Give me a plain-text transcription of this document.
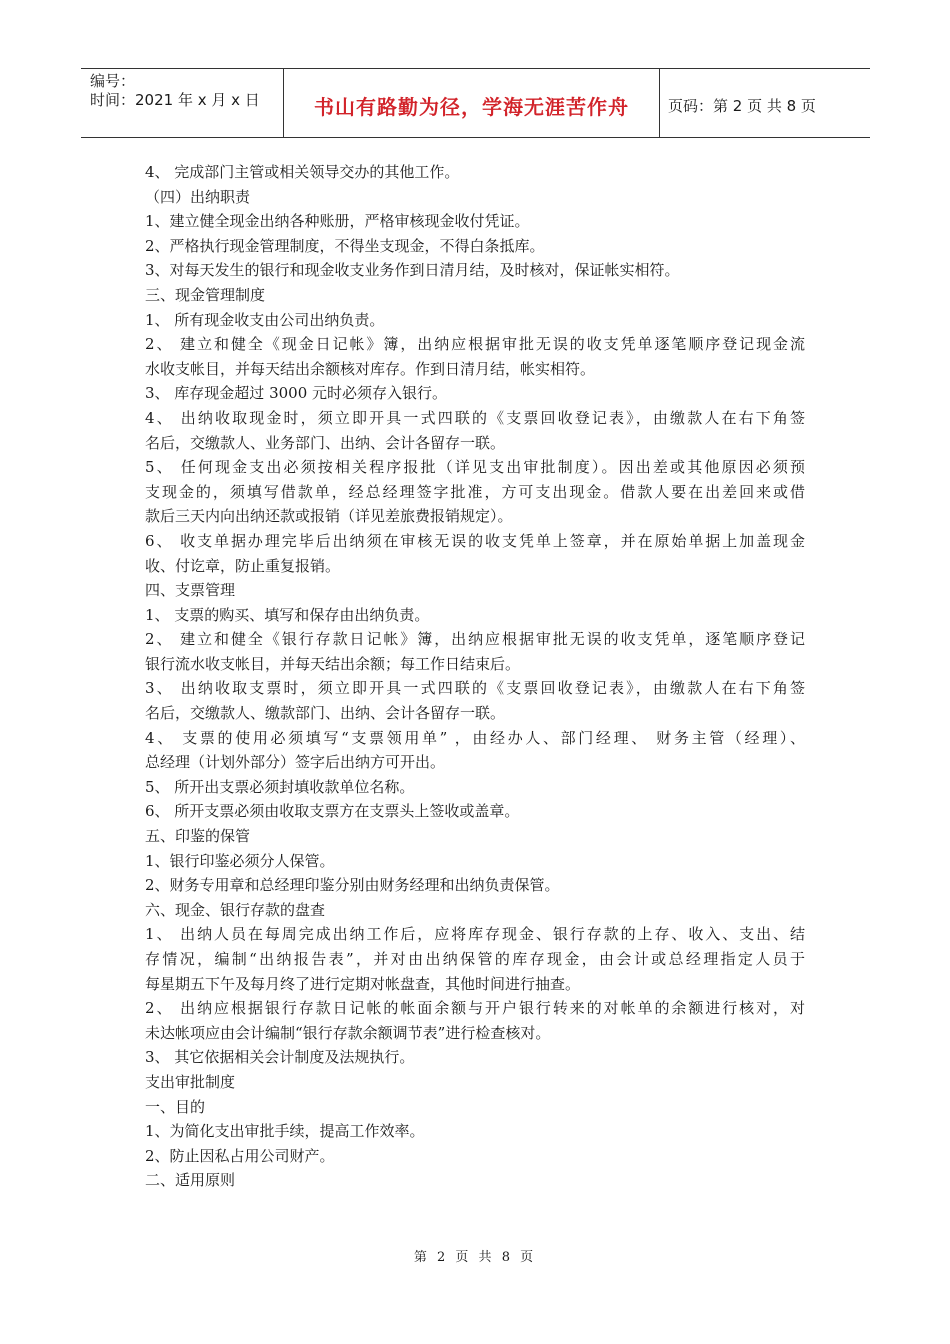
编号：
时间：2021 年 x 月 x 日	书山有路勤为径，学海无涯苦作舟	页码：第 2 页 共 8 页
4、 完成部门主管或相关领导交办的其他工作。
（四）出纳职责
1、建立健全现金出纳各种账册，严格审核现金收付凭证。
2、严格执行现金管理制度，不得坐支现金，不得白条抵库。
3、对每天发生的银行和现金收支业务作到日清月结，及时核对，保证帐实相符。
三、现金管理制度
1、 所有现金收支由公司出纳负责。
2、 建立和健全《现金日记帐》簿，出纳应根据审批无误的收支凭单逐笔顺序登记现金流
水收支帐目，并每天结出余额核对库存。作到日清月结，帐实相符。
3、 库存现金超过 3000 元时必须存入银行。
4、 出纳收取现金时，须立即开具一式四联的《支票回收登记表》，由缴款人在右下角签
名后，交缴款人、业务部门、出纳、会计各留存一联。
5、 任何现金支出必须按相关程序报批（详见支出审批制度）。因出差或其他原因必须预
支现金的，须填写借款单，经总经理签字批准，方可支出现金。借款人要在出差回来或借
款后三天内向出纳还款或报销（详见差旅费报销规定）。
6、 收支单据办理完毕后出纳须在审核无误的收支凭单上签章，并在原始单据上加盖现金
收、付讫章，防止重复报销。
四、支票管理
1、 支票的购买、填写和保存由出纳负责。
2、 建立和健全《银行存款日记帐》簿，出纳应根据审批无误的收支凭单，逐笔顺序登记
银行流水收支帐目，并每天结出余额；每工作日结束后。
3、 出纳收取支票时，须立即开具一式四联的《支票回收登记表》，由缴款人在右下角签
名后，交缴款人、缴款部门、出纳、会计各留存一联。
4、 支票的使用必须填写“支票领用单” ，由经办人、部门经理、 财务主管（经理）、
总经理（计划外部分）签字后出纳方可开出。
5、 所开出支票必须封填收款单位名称。
6、 所开支票必须由收取支票方在支票头上签收或盖章。
五、印鉴的保管
1、银行印鉴必须分人保管。
2、财务专用章和总经理印鉴分别由财务经理和出纳负责保管。
六、现金、银行存款的盘查
1、 出纳人员在每周完成出纳工作后，应将库存现金、银行存款的上存、收入、支出、结
存情况，编制“出纳报告表”，并对由出纳保管的库存现金，由会计或总经理指定人员于
每星期五下午及每月终了进行定期对帐盘查，其他时间进行抽查。
2、 出纳应根据银行存款日记帐的帐面余额与开户银行转来的对帐单的余额进行核对，对
未达帐项应由会计编制“银行存款余额调节表”进行检查核对。
3、 其它依据相关会计制度及法规执行。
支出审批制度
一、目的
1、为简化支出审批手续，提高工作效率。
2、防止因私占用公司财产。
二、适用原则
第 2 页 共 8 页
